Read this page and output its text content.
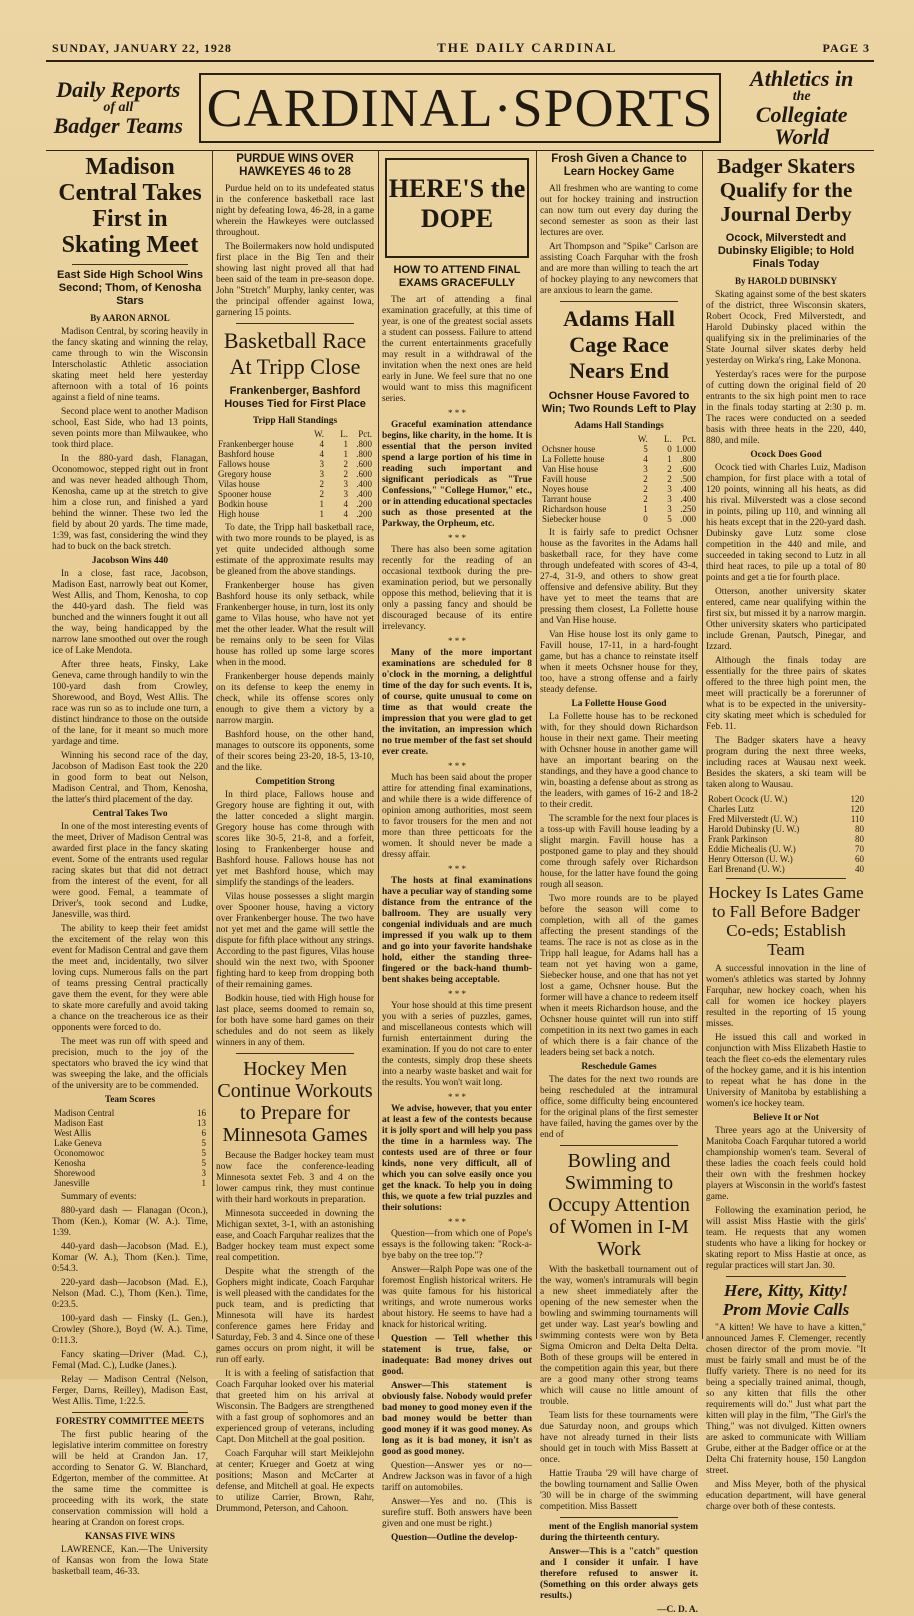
SUNDAY, JANUARY 22, 1928	THE DAILY CARDINAL	PAGE 3
Daily Reports
of all
Badger Teams CARDINAL·SPORTS	Athletics in
the
Collegiate World
Madison Central Takes First in Skating Meet
East Side High School Wins Second; Thom, of Kenosha Stars
By AARON ARNOL

Madison Central, by scoring heavily in the fancy skating and winning the relay, came through to win the Wisconsin Interscholastic Athletic association skating meet held here yesterday afternoon with a total of 16 points against a field of nine teams.

Second place went to another Madison school, East Side, who had 13 points, seven points more than Milwaukee, who took third place.

In the 880-yard dash, Flanagan, Oconomowoc, stepped right out in front and was never headed although Thom, Kenosha, came up at the stretch to give him a close run, and finished a yard behind the winner. These two led the field by about 20 yards. The time made, 1:39, was fast, considering the wind they had to buck on the back stretch.

Jacobson Wins 440

In a close, fast race, Jacobson, Madison East, narrowly beat out Komer, West Allis, and Thom, Kenosha, to cop the 440-yard dash. The field was bunched and the winners fought it out all the way, being handicapped by the narrow lane smoothed out over the rough ice of Lake Mendota.

After three heats, Finsky, Lake Geneva, came through handily to win the 100-yard dash from Crowley, Shorewood, and Boyd, West Allis. The race was run so as to include one turn, a distinct hindrance to those on the outside of the lane, for it meant so much more yardage and time.

Winning his second race of the day, Jacobson of Madison East took the 220 in good form to beat out Nelson, Madison Central, and Thom, Kenosha, the latter's third placement of the day.

Central Takes Two

In one of the most interesting events of the meet, Driver of Madison Central was awarded first place in the fancy skating event. Some of the entrants used regular racing skates but that did not detract from the interest of the event, for all were good. Femal, a teammate of Driver's, took second and Ludke, Janesville, was third.

The ability to keep their feet amidst the excitement of the relay won this event for Madison Central and gave them the meet and, incidentally, two silver loving cups. Numerous falls on the part of teams pressing Central practically gave them the event, for they were able to skate more carefully and avoid taking a chance on the treacherous ice as their opponents were forced to do.

The meet was run off with speed and precision, much to the joy of the spectators who braved the icy wind that was sweeping the lake, and the officials of the university are to be commended.

Team Scores
Madison Central	16
Madison East	13
West Allis	6
Lake Geneva	5
Oconomowoc	5
Kenosha	5
Shorewood	3
Janesville	1

Summary of events:

880-yard dash — Flanagan (Ocon.), Thom (Ken.), Komar (W. A.). Time, 1:39.

440-yard dash—Jacobson (Mad. E.), Komar (W. A.), Thom (Ken.). Time, 0:54.3.

220-yard dash—Jacobson (Mad. E.), Nelson (Mad. C.), Thom (Ken.). Time, 0:23.5.

100-yard dash — Finsky (L. Gen.), Crowley (Shore.), Boyd (W. A.). Time, 0:11.3.

Fancy skating—Driver (Mad. C.), Femal (Mad. C.), Ludke (Janes.).

Relay — Madison Central (Nelson, Ferger, Darns, Reilley), Madison East, West Allis. Time, 1:22.5.

FORESTRY COMMITTEE MEETS

The first public hearing of the legislative interim committee on forestry will be held at Crandon Jan. 17, according to Senator G. W. Blanchard, Edgerton, member of the committee. At the same time the committee is proceeding with its work, the state conservation commission will hold a hearing at Crandon on forest crops.

KANSAS FIVE WINS

LAWRENCE, Kan.—The University of Kansas won from the Iowa State basketball team, 46-33.

PURDUE WINS OVER HAWKEYES 46 to 28

Purdue held on to its undefeated status in the conference basketball race last night by defeating Iowa, 46-28, in a game wherein the Hawkeyes were outclassed throughout.

The Boilermakers now hold undisputed first place in the Big Ten and their showing last night proved all that had been said of the team in pre-season dope. John "Stretch" Murphy, lanky center, was the principal offender against Iowa, garnering 15 points.

Basketball Race At Tripp Close
Frankenberger, Bashford Houses Tied for First Place
Tripp Hall Standings
	W.	L.	Pct.
Frankenberger house	4	1	.800
Bashford house	4	1	.800
Fallows house	3	2	.600
Gregory house	3	2	.600
Vilas house	2	3	.400
Spooner house	2	3	.400
Bodkin house	1	4	.200
High house	1	4	.200

To date, the Tripp hall basketball race, with two more rounds to be played, is as yet quite undecided although some estimate of the approximate results may be gleaned from the above standings.

Frankenberger house has given Bashford house its only setback, while Frankenberger house, in turn, lost its only game to Vilas house, who have not yet met the other leader. What the result will be remains only to be seen for Vilas house has rolled up some large scores when in the mood.

Frankenberger house depends mainly on its defense to keep the enemy in check, while its offense scores only enough to give them a victory by a narrow margin.

Bashford house, on the other hand, manages to outscore its opponents, some of their scores being 23-20, 18-5, 13-10, and the like.

Competition Strong

In third place, Fallows house and Gregory house are fighting it out, with the latter conceded a slight margin. Gregory house has come through with scores like 30-5, 21-8, and a forfeit, losing to Frankenberger house and Bashford house. Fallows house has not yet met Bashford house, which may simplify the standings of the leaders.

Vilas house possesses a slight margin over Spooner house, having a victory over Frankenberger house. The two have not yet met and the game will settle the dispute for fifth place without any strings. According to the past figures, Vilas house should win the next two, with Spooner fighting hard to keep from dropping both of their remaining games.

Bodkin house, tied with High house for last place, seems doomed to remain so, for both have some hard games on their schedules and do not seem as likely winners in any of them.

Hockey Men Continue Workouts to Prepare for Minnesota Games

Because the Badger hockey team must now face the conference-leading Minnesota sextet Feb. 3 and 4 on the lower campus rink, they must continue with their hard workouts in preparation.

Minnesota succeeded in downing the Michigan sextet, 3-1, with an astonishing ease, and Coach Farquhar realizes that the Badger hockey team must expect some real competition.

Despite what the strength of the Gophers might indicate, Coach Farquhar is well pleased with the candidates for the puck team, and is predicting that Minnesota will have its hardest conference games here Friday and Saturday, Feb. 3 and 4. Since one of these games occurs on prom night, it will be run off early.

It is with a feeling of satisfaction that Coach Farquhar looked over his material that greeted him on his arrival at Wisconsin. The Badgers are strengthened with a fast group of sophomores and an experienced group of veterans, including Capt. Don Mitchell at the goal position.

Coach Farquhar will start Meiklejohn at center; Krueger and Goetz at wing positions; Mason and McCarter at defense, and Mitchell at goal. He expects to utilize Carrier, Brown, Rahr, Drummond, Peterson, and Cahoon.

HERE'S the DOPE
HOW TO ATTEND FINAL EXAMS GRACEFULLY

The art of attending a final examination gracefully, at this time of year, is one of the greatest social assets a student can possess. Failure to attend the current entertainments gracefully may result in a withdrawal of the invitation when the next ones are held early in June. We feel sure that no one would want to miss this magnificent series.

* * *

Graceful examination attendance begins, like charity, in the home. It is essential that the person invited spend a large portion of his time in reading such important and significant periodicals as "True Confessions," "College Humor," etc., or in attending educational spectacles such as those presented at the Parkway, the Orpheum, etc.

* * *

There has also been some agitation recently for the reading of an occasional textbook during the pre-examination period, but we personally oppose this method, believing that it is only a passing fancy and should be discouraged because of its entire irrelevancy.

* * *

Many of the more important examinations are scheduled for 8 o'clock in the morning, a delightful time of the day for such events. It is, of course, quite unusual to come on time as that would create the impression that you were glad to get the invitation, an impression which no true member of the fast set should ever create.

* * *

Much has been said about the proper attire for attending final examinations, and while there is a wide difference of opinion among authorities, most seem to favor trousers for the men and not more than three petticoats for the women. It should never be made a dressy affair.

* * *

The hosts at final examinations have a peculiar way of standing some distance from the entrance of the ballroom. They are usually very congenial individuals and are much impressed if you walk up to them and go into your favorite handshake hold, either the standing three-fingered or the back-hand thumb-bent shakes being acceptable.

* * *

Your hose should at this time present you with a series of puzzles, games, and miscellaneous contests which will furnish entertainment during the examination. If you do not care to enter the contests, simply drop these sheets into a nearby waste basket and wait for the results. You won't wait long.

* * *

We advise, however, that you enter at least a few of the contests because it is jolly sport and will help you pass the time in a harmless way. The contests used are of three or four kinds, none very difficult, all of which you can solve easily once you get the knack. To help you in doing this, we quote a few trial puzzles and their solutions:

* * *

Question—from which one of Pope's essays is the following taken: "Rock-a-bye baby on the tree top."?

Answer—Ralph Pope was one of the foremost English historical writers. He was quite famous for his historical writings, and wrote numerous works about history. He seems to have had a knack for historical writing.

Question — Tell whether this statement is true, false, or inadequate: Bad money drives out good.

Answer—This statement is obviously false. Nobody would prefer bad money to good money even if the bad money would be better than good money if it was good money. As long as it is bad money, it isn't as good as good money.

Question—Answer yes or no—Andrew Jackson was in favor of a high tariff on automobiles.

Answer—Yes and no. (This is surefire stuff. Both answers have been given and one must be right.)

Question—Outline the develop-

Frosh Given a Chance to Learn Hockey Game

All freshmen who are wanting to come out for hockey training and instruction can now turn out every day during the second semester as soon as their last lectures are over.

Art Thompson and "Spike" Carlson are assisting Coach Farquhar with the frosh and are more than willing to teach the art of hockey playing to any newcomers that are anxious to learn the game.

Adams Hall Cage Race Nears End
Ochsner House Favored to Win; Two Rounds Left to Play
Adams Hall Standings
	W.	L.	Pct.
Ochsner house	5	0	1.000
La Follette house	4	1	.800
Van Hise house	3	2	.600
Favill house	2	2	.500
Noyes house	2	3	.400
Tarrant house	2	3	.400
Richardson house	1	3	.250
Siebecker house	0	5	.000

It is fairly safe to predict Ochsner house as the favorites in the Adams hall basketball race, for they have come through undefeated with scores of 43-4, 27-4, 31-9, and others to show great offensive and defensive ability. But they have yet to meet the teams that are pressing them closest, La Follette house and Van Hise house.

Van Hise house lost its only game to Favill house, 17-11, in a hard-fought game, but has a chance to reinstate itself when it meets Ochsner house for they, too, have a strong offense and a fairly steady defense.

La Follette House Good

La Follette house has to be reckoned with, for they should down Richardson house in their next game. Their meeting with Ochsner house in another game will have an important bearing on the standings, and they have a good chance to win, boasting a defense about as strong as the leaders, with games of 16-2 and 18-2 to their credit.

The scramble for the next four places is a toss-up with Favill house leading by a slight margin. Favill house has a postponed game to play and they should come through safely over Richardson house, for the latter have found the going rough all season.

Two more rounds are to be played before the season will come to completion, with all of the games affecting the present standings of the teams. The race is not as close as in the Tripp hall league, for Adams hall has a team not yet having won a game, Siebecker house, and one that has not yet lost a game, Ochsner house. But the former will have a chance to redeem itself when it meets Richardson house, and the Ochsner house quintet will run into stiff competition in its next two games in each of which there is a fair chance of the leaders being set back a notch.

Reschedule Games

The dates for the next two rounds are being rescheduled at the intramural office, some difficulty being encountered for the original plans of the first semester have failed, having the games over by the end of

Bowling and Swimming to Occupy Attention of Women in I-M Work

With the basketball tournament out of the way, women's intramurals will begin a new sheet immediately after the opening of the new semester when the bowling and swimming tournaments will get under way. Last year's bowling and swimming contests were won by Beta Sigma Omicron and Delta Delta Delta. Both of these groups will be entered in the competition again this year, but there are a good many other strong teams which will cause no little amount of trouble.

Team lists for these tournaments were due Saturday noon, and groups which have not already turned in their lists should get in touch with Miss Bassett at once.

Hattie Trauba '29 will have charge of the bowling tournament and Sallie Owen '30 will be in charge of the swimming competition. Miss Bassett

ment of the English manorial system during the thirteenth century.

Answer—This is a "catch" question and I consider it unfair. I have therefore refused to answer it. (Something on this order always gets results.)

—C. D. A.
Badger Skaters Qualify for the Journal Derby
Ocock, Milverstedt and Dubinsky Eligible; to Hold Finals Today
By HAROLD DUBINSKY

Skating against some of the best skaters of the district, three Wisconsin skaters, Robert Ocock, Fred Milverstedt, and Harold Dubinsky placed within the qualifying six in the preliminaries of the State Journal silver skates derby held yesterday on Wirka's ring, Lake Monona.

Yesterday's races were for the purpose of cutting down the original field of 20 entrants to the six high point men to race in the finals today starting at 2:30 p. m. The races were conducted on a seeded basis with three heats in the 220, 440, 880, and mile.

Ocock Does Good

Ocock tied with Charles Luiz, Madison champion, for first place with a total of 120 points, winning all his heats, as did his rival. Milverstedt was a close second in points, piling up 110, and winning all his heats except that in the 220-yard dash. Dubinsky gave Lutz some close competition in the 440 and mile, and succeeded in taking second to Lutz in all third heat races, to pile up a total of 80 points and get a tie for fourth place.

Otterson, another university skater entered, came near qualifying within the first six, but missed it by a narrow margin. Other university skaters who participated include Grenan, Pautsch, Pinegar, and Izzard.

Although the finals today are essentially for the three pairs of skates offered to the three high point men, the meet will practically be a forerunner of what is to be expected in the university-city skating meet which is scheduled for Feb. 11.

The Badger skaters have a heavy program during the next three weeks, including races at Wausau next week. Besides the skaters, a ski team will be taken along to Wausau.

Robert Ocock (U. W.)	120
Charles Lutz	120
Fred Milverstedt (U. W.)	110
Harold Dubinsky (U. W.)	80
Frank Parkinson	80
Eddie Michealis (U. W.)	70
Henry Otterson (U. W.)	60
Earl Brenand (U. W.)	40
Hockey Is Lates Game to Fall Before Badger Co-eds; Establish Team

A successful innovation in the line of women's athletics was started by Johnny Farquhar, new hockey coach, when his call for women ice hockey players resulted in the reporting of 15 young misses.

He issued this call and worked in conjunction with Miss Elizabeth Hastie to teach the fleet co-eds the elementary rules of the hockey game, and it is his intention to repeat what he has done in the University of Manitoba by establishing a women's ice hockey team.

Believe It or Not

Three years ago at the University of Manitoba Coach Farquhar tutored a world championship women's team. Several of these ladies the coach feels could hold their own with the freshmen hockey players at Wisconsin in the world's fastest game.

Following the examination period, he will assist Miss Hastie with the girls' team. He requests that any women students who have a liking for hockey or skating report to Miss Hastie at once, as regular practices will start Jan. 30.

Here, Kitty, Kitty! Prom Movie Calls

"A kitten! We have to have a kitten," announced James F. Clemenger, recently chosen director of the prom movie. "It must be fairly small and must be of the fluffy variety. There is no need for its being a specially trained animal, though, so any kitten that fills the other requirements will do." Just what part the kitten will play in the film, "The Girl's the Thing," was not divulged. Kitten owners are asked to communicate with William Grube, either at the Badger office or at the Delta Chi fraternity house, 150 Langdon street.

and Miss Meyer, both of the physical education department, will have general charge over both of these contests.
